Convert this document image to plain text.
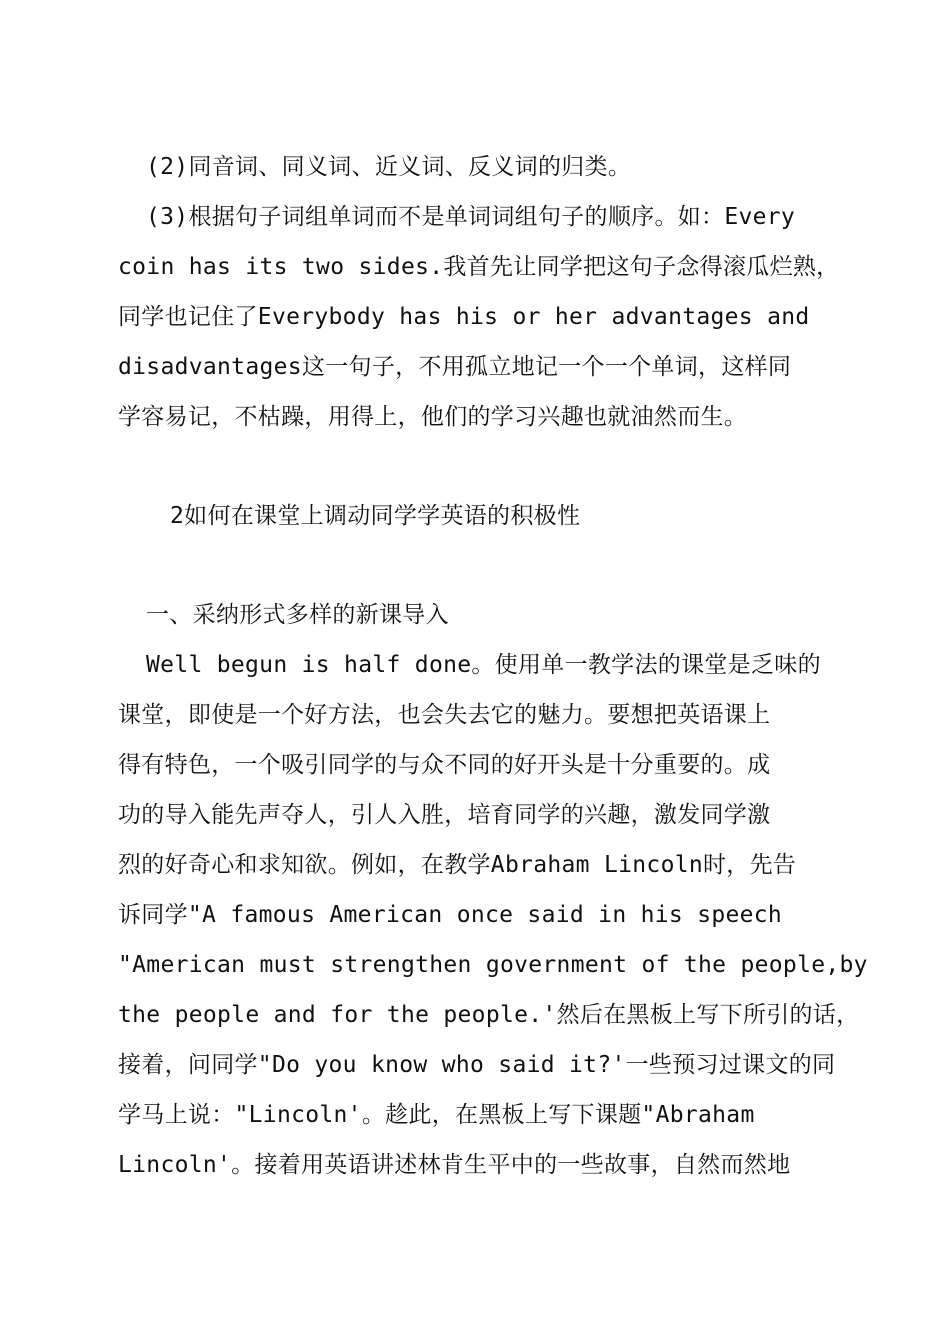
(2)同音词、同义词、近义词、反义词的归类。
(3)根据句子词组单词而不是单词词组句子的顺序。如：Every
coin has its two sides.我首先让同学把这句子念得滚瓜烂熟，
同学也记住了Everybody has his or her advantages and
disadvantages这一句子，不用孤立地记一个一个单词，这样同
学容易记，不枯躁，用得上，他们的学习兴趣也就油然而生。
2如何在课堂上调动同学学英语的积极性
一、采纳形式多样的新课导入
Well begun is half done。使用单一教学法的课堂是乏味的
课堂，即使是一个好方法，也会失去它的魅力。要想把英语课上
得有特色，一个吸引同学的与众不同的好开头是十分重要的。成
功的导入能先声夺人，引人入胜，培育同学的兴趣，激发同学激
烈的好奇心和求知欲。例如，在教学Abraham Lincoln时，先告
诉同学"A famous American once said in his speech
"American must strengthen government of the people,by
the people and for the people.'然后在黑板上写下所引的话，
接着，问同学"Do you know who said it?'一些预习过课文的同
学马上说："Lincoln'。趁此，在黑板上写下课题"Abraham
Lincoln'。接着用英语讲述林肯生平中的一些故事，自然而然地
